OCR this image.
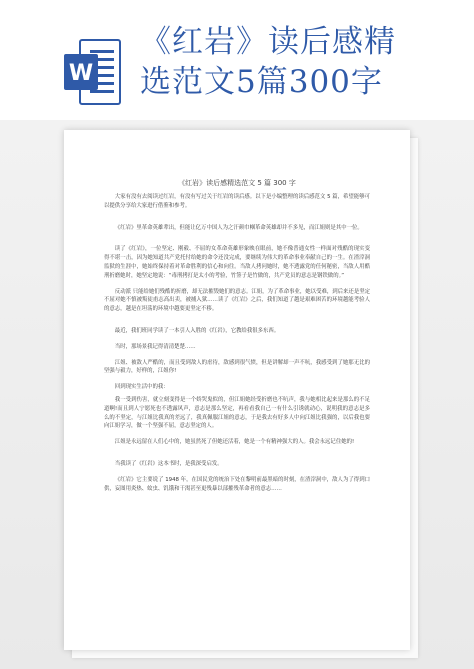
W
《红岩》读后感精
选范文5篇300字
《红岩》读后感精选范文 5 篇 300 字

大家有没有去阅读过红岩，有没有写过关于红岩的读后感。以下是小编整理的读后感范文 5 篇，希望能够可以提供分享给大家进行借鉴和参考。

《红岩》里革命英雄辈出，但能让亿万中国人为之汗颜巾帼革命英雄却并不多见，而江姐则是其中一位。

读了《红岩》，一位坚定、刚毅、不屈的女革命英雄形象映在眼前，她不像普通女性一样面对残酷的现实变得不堪一击，因为她知道共产党托付给她的命令还没完成，要继续为伟大的革命事业奉献自己的一生。在渣滓洞监狱的生涯中，她始终保持着对革命胜利的信心和向往。当敌人拷问她时，她不透露党的任何秘密，当敌人用酷刑折磨她时，她坚定地说：“毒刑拷打是太小的考验，竹签子是竹做的，共产党员的意志是钢铁做的。”

反动派 只能给她们残酷的折磨，却无法摧毁她们的意志。江姐，为了革命事业，她以受难，到后来还是坚定不屈对她不慎被叛徒甫志高出卖，被捕入狱……读了《红岩》之后，我们知道了越是艰难困苦的环境越能考验人的意志，越是在坦荡的环境中越要更坚定不移。

最近，我们班同学读了一本引人入胜的《红岩》，它教给我很多东西。

当时，那场景我记得清清楚楚……

江姐、被敌人严酷的，而且受到敌人的虐待，敌感到很气愤，但是讲解却一声不吭，我感受到了她那无比的坚强与毅力，好样的，江姐你!

回到现实生活中的我：

我一受到伤害，就立刻变得是一个娇哭鬼似的，但江姐她经受折磨也不吭声，我与她相比起来是那么的不足道啊!而且到人宁愿死也不透露风声，意志是那么坚定，再看看我自己一有什么引诱就动心，说明我的意志是多么的不坚定，与江姐比我真的差远了，我真佩服江姐的意志，于是我去有好多人中向江姐比我强的，以后我也要向江姐学习，做一个坚强不屈，意志坚定的人。

江姐是永远留在人们心中的，她虽然死了但她还活着，她是一个有精神强大的人。我会永远记住她的!

当我读了《红岩》这本书时，是我深受启发。

《红岩》它主要说了 1948 年，在国民党的统治下处在黎明前最黑暗的时刻，在渣滓洞中，敌人为了得到口供，妄图用炎热、蚊虫、饥饿和干渴甚至更残暴以部摧残革命者的意志……
